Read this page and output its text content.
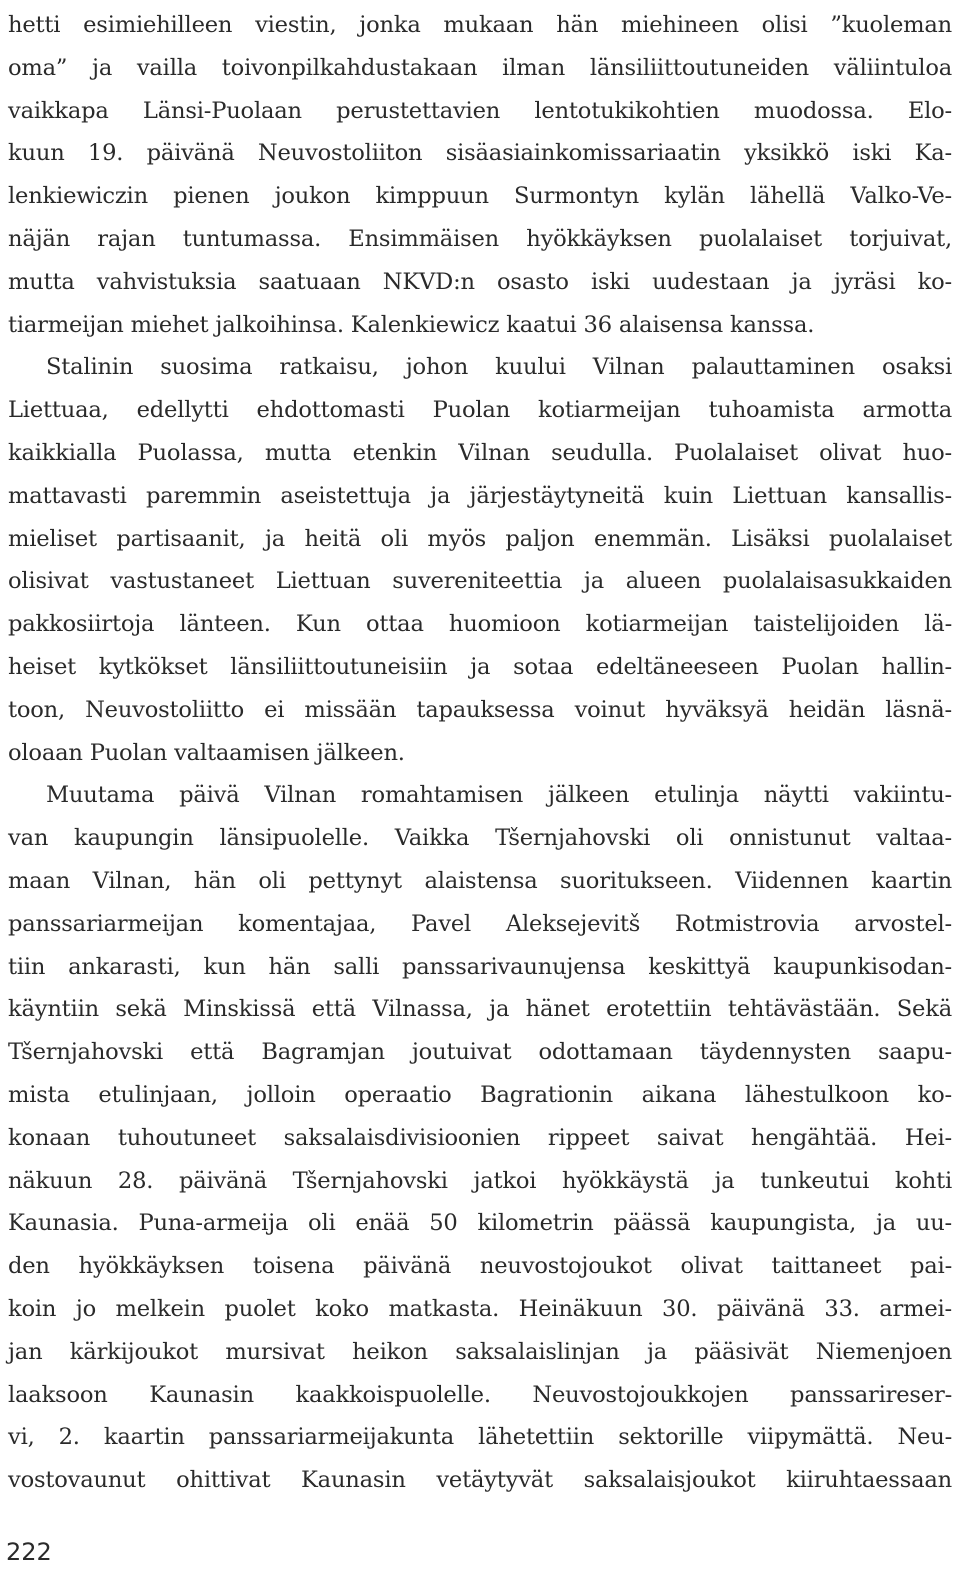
hetti esimiehilleen viestin, jonka mukaan hän miehineen olisi ”kuoleman
oma” ja vailla toivonpilkahdustakaan ilman länsiliittoutuneiden väliintuloa
vaikkapa Länsi-Puolaan perustettavien lentotukikohtien muodossa. Elo-
kuun 19. päivänä Neuvostoliiton sisäasiainkomissariaatin yksikkö iski Ka-
lenkiewiczin pienen joukon kimppuun Surmontyn kylän lähellä Valko-Ve-
näjän rajan tuntumassa. Ensimmäisen hyökkäyksen puolalaiset torjuivat,
mutta vahvistuksia saatuaan NKVD:n osasto iski uudestaan ja jyräsi ko-
tiarmeijan miehet jalkoihinsa. Kalenkiewicz kaatui 36 alaisensa kanssa.
Stalinin suosima ratkaisu, johon kuului Vilnan palauttaminen osaksi
Liettuaa, edellytti ehdottomasti Puolan kotiarmeijan tuhoamista armotta
kaikkialla Puolassa, mutta etenkin Vilnan seudulla. Puolalaiset olivat huo-
mattavasti paremmin aseistettuja ja järjestäytyneitä kuin Liettuan kansallis-
mieliset partisaanit, ja heitä oli myös paljon enemmän. Lisäksi puolalaiset
olisivat vastustaneet Liettuan suvereniteettia ja alueen puolalaisasukkaiden
pakkosiirtoja länteen. Kun ottaa huomioon kotiarmeijan taistelijoiden lä-
heiset kytkökset länsiliittoutuneisiin ja sotaa edeltäneeseen Puolan hallin-
toon, Neuvostoliitto ei missään tapauksessa voinut hyväksyä heidän läsnä-
oloaan Puolan valtaamisen jälkeen.
Muutama päivä Vilnan romahtamisen jälkeen etulinja näytti vakiintu-
van kaupungin länsipuolelle. Vaikka Tšernjahovski oli onnistunut valtaa-
maan Vilnan, hän oli pettynyt alaistensa suoritukseen. Viidennen kaartin
panssariarmeijan komentajaa, Pavel Aleksejevitš Rotmistrovia arvostel-
tiin ankarasti, kun hän salli panssarivaunujensa keskittyä kaupunkisodan-
käyntiin sekä Minskissä että Vilnassa, ja hänet erotettiin tehtävästään. Sekä
Tšernjahovski että Bagramjan joutuivat odottamaan täydennysten saapu-
mista etulinjaan, jolloin operaatio Bagrationin aikana lähestulkoon ko-
konaan tuhoutuneet saksalaisdivisioonien rippeet saivat hengähtää. Hei-
näkuun 28. päivänä Tšernjahovski jatkoi hyökkäystä ja tunkeutui kohti
Kaunasia. Puna-armeija oli enää 50 kilometrin päässä kaupungista, ja uu-
den hyökkäyksen toisena päivänä neuvostojoukot olivat taittaneet pai-
koin jo melkein puolet koko matkasta. Heinäkuun 30. päivänä 33. armei-
jan kärkijoukot mursivat heikon saksalaislinjan ja pääsivät Niemenjoen
laaksoon Kaunasin kaakkoispuolelle. Neuvostojoukkojen panssarireser-
vi, 2. kaartin panssariarmeijakunta lähetettiin sektorille viipymättä. Neu-
vostovaunut ohittivat Kaunasin vetäytyvät saksalaisjoukot kiiruhtaessaan
222
